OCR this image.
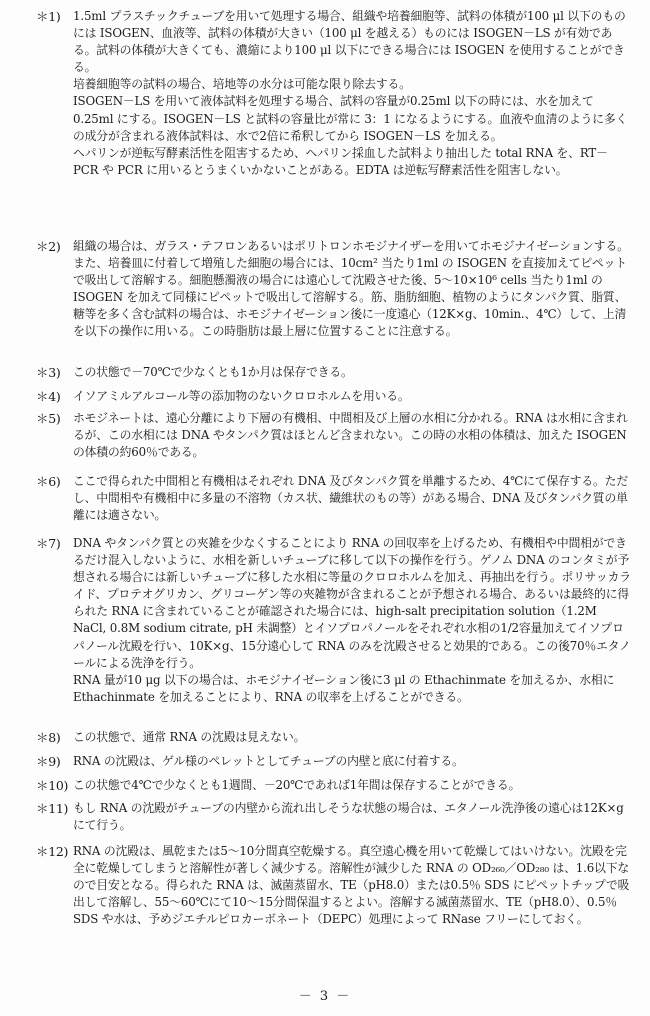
＊1)	1.5ml プラスチックチューブを用いて処理する場合、組織や培養細胞等、試料の体積が100 μl 以下のものには ISOGEN、血液等、試料の体積が大きい（100 μl を越える）ものには ISOGEN－LS が有効である。試料の体積が大きくても、濃縮により100 μl 以下にできる場合には ISOGEN を使用することができる。

培養細胞等の試料の場合、培地等の水分は可能な限り除去する。

ISOGEN－LS を用いて液体試料を処理する場合、試料の容量が0.25ml 以下の時には、水を加えて0.25ml にする。ISOGEN－LS と試料の容量比が常に 3：1 になるようにする。血液や血清のように多くの成分が含まれる液体試料は、水で2倍に希釈してから ISOGEN－LS を加える。

ヘパリンが逆転写酵素活性を阻害するため、ヘパリン採血した試料より抽出した total RNA を、RT－PCR や PCR に用いるとうまくいかないことがある。EDTA は逆転写酵素活性を阻害しない。

＊2)	組織の場合は、ガラス・テフロンあるいはポリトロンホモジナイザーを用いてホモジナイゼーションする。また、培養皿に付着して増殖した細胞の場合には、10cm² 当たり1ml の ISOGEN を直接加えてピペットで吸出して溶解する。細胞懸濁液の場合には遠心して沈殿させた後、5～10×10⁶ cells 当たり1ml の ISOGEN を加えて同様にピペットで吸出して溶解する。筋、脂肪細胞、植物のようにタンパク質、脂質、糖等を多く含む試料の場合は、ホモジナイゼーション後に一度遠心（12K×g、10min.、4℃）して、上清を以下の操作に用いる。この時脂肪は最上層に位置することに注意する。

＊3)	この状態で－70℃で少なくとも1か月は保存できる。

＊4)	イソアミルアルコール等の添加物のないクロロホルムを用いる。

＊5)	ホモジネートは、遠心分離により下層の有機相、中間相及び上層の水相に分かれる。RNA は水相に含まれるが、この水相には DNA やタンパク質はほとんど含まれない。この時の水相の体積は、加えた ISOGEN の体積の約60％である。

＊6)	ここで得られた中間相と有機相はそれぞれ DNA 及びタンパク質を単離するため、4℃にて保存する。ただし、中間相や有機相中に多量の不溶物（カス状、繊維状のもの等）がある場合、DNA 及びタンパク質の単離には適さない。

＊7)	DNA やタンパク質との夾雑を少なくすることにより RNA の回収率を上げるため、有機相や中間相ができるだけ混入しないように、水相を新しいチューブに移して以下の操作を行う。ゲノム DNA のコンタミが予想される場合には新しいチューブに移した水相に等量のクロロホルムを加え、再抽出を行う。ポリサッカライド、プロテオグリカン、グリコーゲン等の夾雑物が含まれることが予想される場合、あるいは最終的に得られた RNA に含まれていることが確認された場合には、high-salt precipitation solution（1.2M NaCl, 0.8M sodium citrate, pH 未調整）とイソプロパノールをそれぞれ水相の1/2容量加えてイソプロパノール沈殿を行い、10K×g、15分遠心して RNA のみを沈殿させると効果的である。この後70％エタノールによる洗浄を行う。

RNA 量が10 μg 以下の場合は、ホモジナイゼーション後に3 μl の Ethachinmate を加えるか、水相に Ethachinmate を加えることにより、RNA の収率を上げることができる。

＊8)	この状態で、通常 RNA の沈殿は見えない。

＊9)	RNA の沈殿は、ゲル様のペレットとしてチューブの内壁と底に付着する。

＊10) この状態で4℃で少なくとも1週間、－20℃であれば1年間は保存することができる。

＊11) もし RNA の沈殿がチューブの内壁から流れ出しそうな状態の場合は、エタノール洗浄後の遠心は12K×g にて行う。

＊12) RNA の沈殿は、風乾または5～10分間真空乾燥する。真空遠心機を用いて乾燥してはいけない。沈殿を完全に乾燥してしまうと溶解性が著しく減少する。溶解性が減少した RNA の OD₂₆₀／OD₂₈₀ は、1.6以下なので目安となる。得られた RNA は、滅菌蒸留水、TE（pH8.0）または0.5％ SDS にピペットチップで吸出して溶解し、55～60℃にて10～15分間保温するとよい。溶解する滅菌蒸留水、TE（pH8.0）、0.5％ SDS や水は、予めジエチルピロカーボネート（DEPC）処理によって RNase フリーにしておく。

－ 3 －
